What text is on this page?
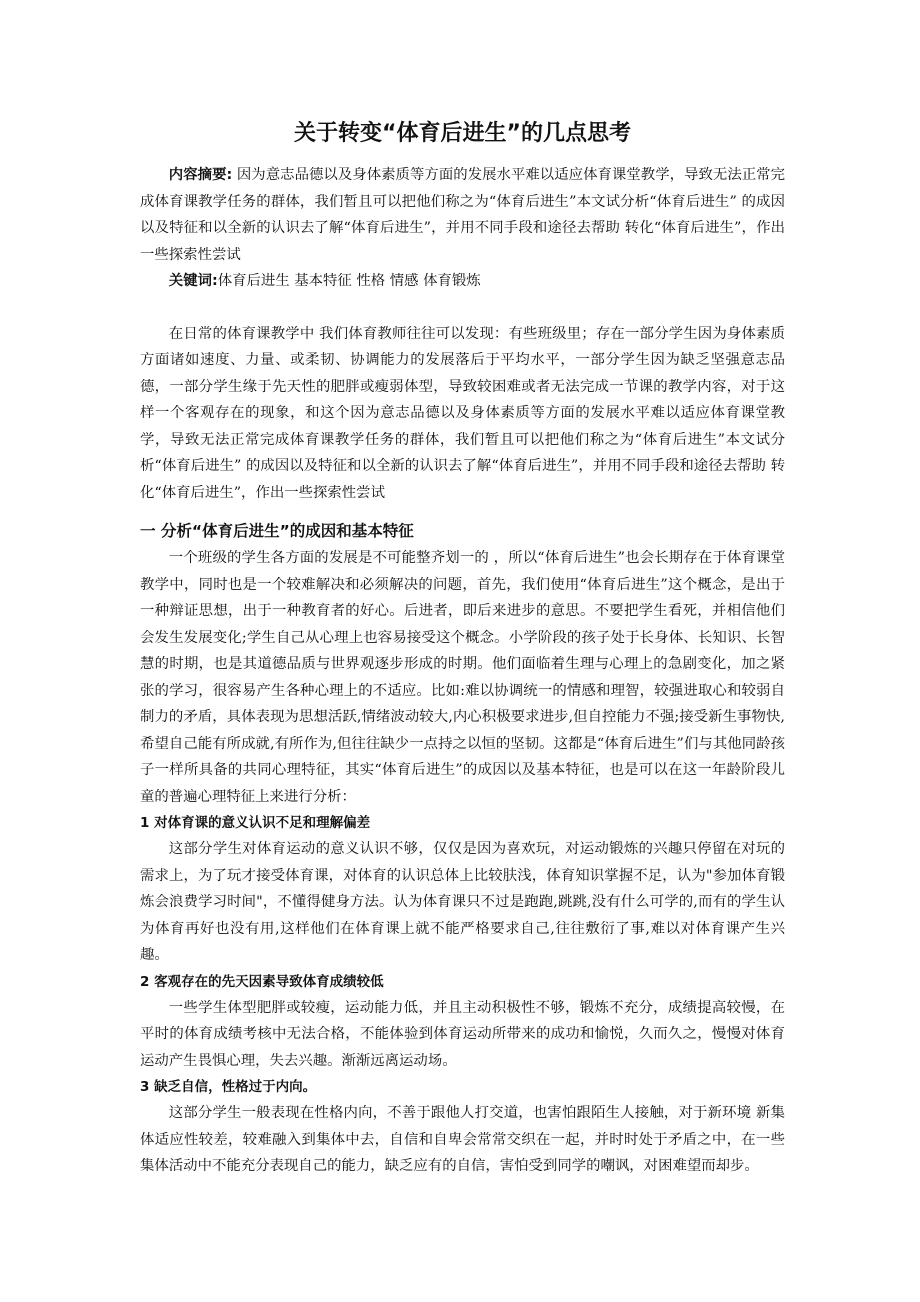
关于转变“体育后进生”的几点思考

内容摘要: 因为意志品德以及身体素质等方面的发展水平难以适应体育课堂教学，导致无法正常完成体育课教学任务的群体，我们暂且可以把他们称之为“体育后进生”本文试分析“体育后进生” 的成因以及特征和以全新的认识去了解“体育后进生”，并用不同手段和途径去帮助 转化“体育后进生”，作出一些探索性尝试

关键词:体育后进生 基本特征 性格 情感 体育锻炼

在日常的体育课教学中 我们体育教师往往可以发现：有些班级里；存在一部分学生因为身体素质方面诸如速度、力量、或柔韧、协调能力的发展落后于平均水平，一部分学生因为缺乏坚强意志品德，一部分学生缘于先天性的肥胖或瘦弱体型，导致较困难或者无法完成一节课的教学内容，对于这样一个客观存在的现象，和这个因为意志品德以及身体素质等方面的发展水平难以适应体育课堂教学，导致无法正常完成体育课教学任务的群体，我们暂且可以把他们称之为“体育后进生”本文试分析“体育后进生” 的成因以及特征和以全新的认识去了解“体育后进生”，并用不同手段和途径去帮助 转化“体育后进生”，作出一些探索性尝试

一 分析“体育后进生”的成因和基本特征

一个班级的学生各方面的发展是不可能整齐划一的 ，所以“体育后进生”也会长期存在于体育课堂教学中，同时也是一个较难解决和必须解决的问题，首先，我们使用“体育后进生”这个概念，是出于一种辩证思想，出于一种教育者的好心。后进者，即后来进步的意思。不要把学生看死，并相信他们会发生发展变化;学生自己从心理上也容易接受这个概念。小学阶段的孩子处于长身体、长知识、长智慧的时期，也是其道德品质与世界观逐步形成的时期。他们面临着生理与心理上的急剧变化，加之紧张的学习，很容易产生各种心理上的不适应。比如:难以协调统一的情感和理智，较强进取心和较弱自制力的矛盾，具体表现为思想活跃,情绪波动较大,内心积极要求进步,但自控能力不强;接受新生事物快,希望自己能有所成就,有所作为,但往往缺少一点持之以恒的坚韧。这都是“体育后进生”们与其他同龄孩子一样所具备的共同心理特征，其实“体育后进生”的成因以及基本特征，也是可以在这一年龄阶段儿童的普遍心理特征上来进行分析：

1 对体育课的意义认识不足和理解偏差

这部分学生对体育运动的意义认识不够，仅仅是因为喜欢玩，对运动锻炼的兴趣只停留在对玩的需求上，为了玩才接受体育课，对体育的认识总体上比较肤浅，体育知识掌握不足，认为"参加体育锻炼会浪费学习时间"，不懂得健身方法。认为体育课只不过是跑跑,跳跳,没有什么可学的,而有的学生认为体育再好也没有用,这样他们在体育课上就不能严格要求自己,往往敷衍了事,难以对体育课产生兴趣。

2 客观存在的先天因素导致体育成绩较低

一些学生体型肥胖或较瘦，运动能力低，并且主动积极性不够，锻炼不充分，成绩提高较慢，在平时的体育成绩考核中无法合格，不能体验到体育运动所带来的成功和愉悦，久而久之，慢慢对体育运动产生畏惧心理，失去兴趣。渐渐远离运动场。

3 缺乏自信，性格过于内向。

这部分学生一般表现在性格内向，不善于跟他人打交道，也害怕跟陌生人接触，对于新环境 新集体适应性较差，较难融入到集体中去，自信和自卑会常常交织在一起，并时时处于矛盾之中，在一些集体活动中不能充分表现自己的能力，缺乏应有的自信，害怕受到同学的嘲讽，对困难望而却步。
